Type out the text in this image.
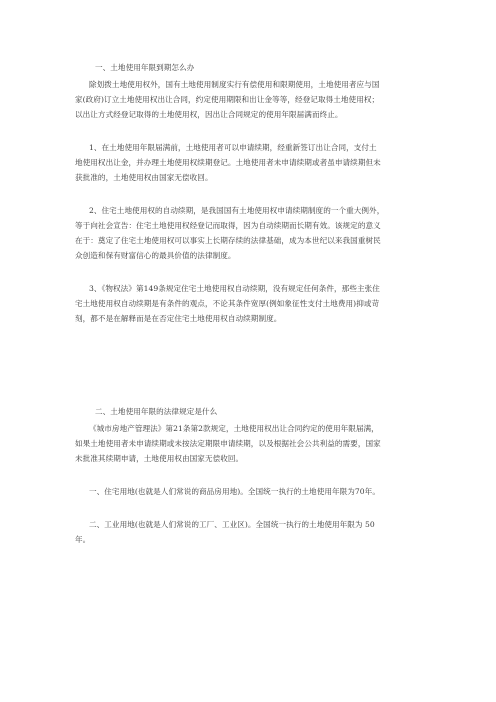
一、土地使用年限到期怎么办
除划拨土地使用权外，国有土地使用制度实行有偿使用和限期使用，土地使用者应与国
家(政府)订立土地使用权出让合同，约定使用期限和出让金等等，经登记取得土地使用权；
以出让方式经登记取得的土地使用权，因出让合同规定的使用年限届满而终止。
1、在土地使用年限届满前，土地使用者可以申请续期，经重新签订出让合同，支付土
地使用权出让金，并办理土地使用权续期登记。土地使用者未申请续期或者虽申请续期但未
获批准的，土地使用权由国家无偿收回。
2、住宅土地使用权的自动续期，是我国国有土地使用权申请续期制度的一个重大例外，
等于向社会宣告：住宅土地使用权经登记而取得，因为自动续期而长期有效。该规定的意义
在于：奠定了住宅土地使用权可以事实上长期存续的法律基础，成为本世纪以来我国重树民
众创造和保有财富信心的最具价值的法律制度。
3、《物权法》第149条规定住宅土地使用权自动续期，没有规定任何条件，那些主张住
宅土地使用权自动续期是有条件的观点，不论其条件宽厚(例如象征性支付土地费用)抑或苛
刻，都不是在解释而是在否定住宅土地使用权自动续期制度。
二、土地使用年限的法律规定是什么
《城市房地产管理法》第21条第2款规定，土地使用权出让合同约定的使用年限届满，
如果土地使用者未申请续期或未按法定期限申请续期，以及根据社会公共利益的需要，国家
未批准其续期申请，土地使用权由国家无偿收回。
一、住宅用地(也就是人们常说的商品房用地)。全国统一执行的土地使用年限为70年。
二、工业用地(也就是人们常说的工厂、工业区)。全国统一执行的土地使用年限为 50
年。
